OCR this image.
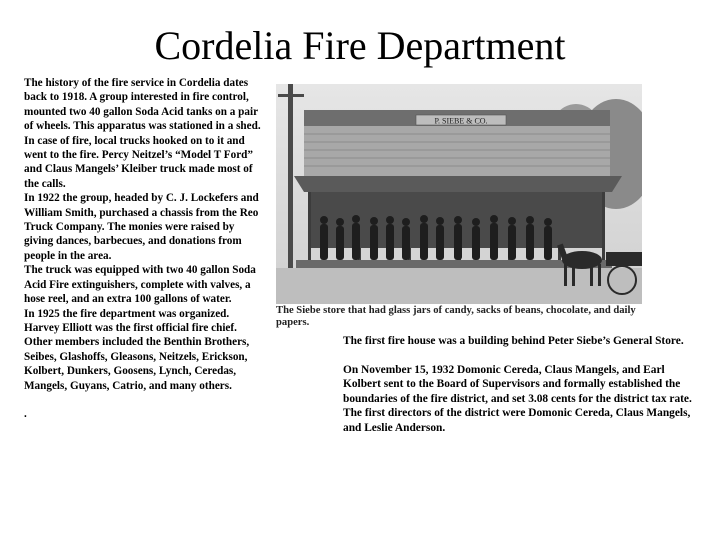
Cordelia Fire Department

The history of the fire service in Cordelia dates back to 1918. A group interested in fire control, mounted two 40 gallon Soda Acid tanks on a pair of wheels. This apparatus was stationed in a shed. In case of fire, local trucks hooked on to it and went to the fire. Percy Neitzel’s “Model T Ford” and Claus Mangels’ Kleiber truck made most of the calls.

In 1922 the group, headed by C. J. Lockefers and William Smith, purchased a chassis from the Reo Truck Company. The monies were raised by giving dances, barbecues, and donations from people in the area.

The truck was equipped with two 40 gallon Soda Acid Fire extinguishers, complete with valves, a hose reel, and an extra 100 gallons of water.

In 1925 the fire department was organized. Harvey Elliott was the first official fire chief. Other members included the Benthin Brothers, Seibes, Glashoffs, Gleasons, Neitzels, Erickson, Kolbert, Dunkers, Goosens, Lynch, Ceredas, Mangels, Guyans, Catrio, and many others.

.

P. SIEBE & CO.
The Siebe store that had glass jars of candy, sacks of beans, chocolate, and daily papers.

The first fire house was a building behind Peter Siebe’s General Store.

On November 15, 1932 Domonic Cereda, Claus Mangels, and Earl Kolbert sent to the Board of Supervisors and formally established the boundaries of the fire district, and set 3.08 cents for the district tax rate. The first directors of the district were Domonic Cereda, Claus Mangels, and Leslie Anderson.
